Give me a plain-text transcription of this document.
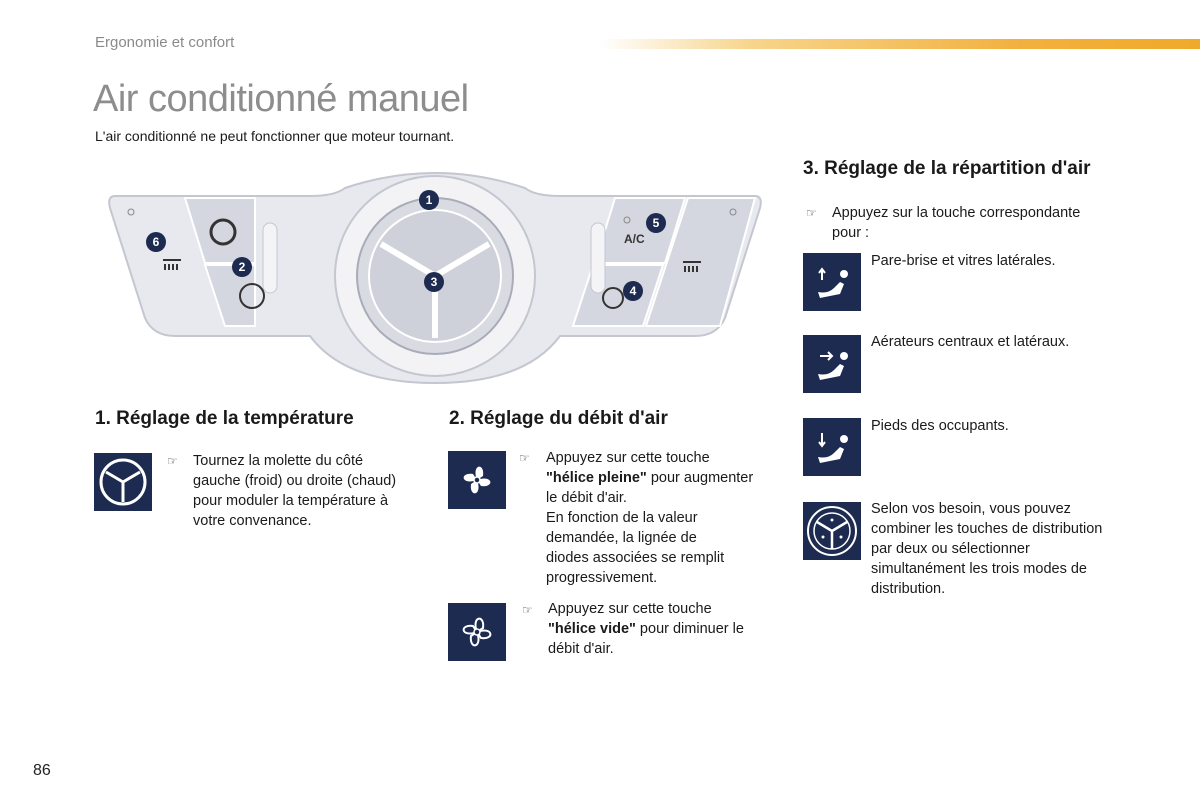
Ergonomie et confort
Air conditionné manuel
L'air conditionné ne peut fonctionner que moteur tournant.
A/C
1
2
3
4
5
6
1. Réglage de la température
☞ Tournez la molette du côté
gauche (froid) ou droite (chaud)
pour moduler la température à
votre convenance.
2. Réglage du débit d'air
☞ Appuyez sur cette touche
"hélice pleine" pour augmenter
le débit d'air.
En fonction de la valeur
demandée, la lignée de
diodes associées se remplit
progressivement.
☞ Appuyez sur cette touche
"hélice vide" pour diminuer le
débit d'air.
3. Réglage de la répartition d'air
☞ Appuyez sur la touche correspondante
pour :
Pare-brise et vitres latérales.
Aérateurs centraux et latéraux.
Pieds des occupants.
Selon vos besoin, vous pouvez
combiner les touches de distribution
par deux ou sélectionner
simultanément les trois modes de
distribution.
86
